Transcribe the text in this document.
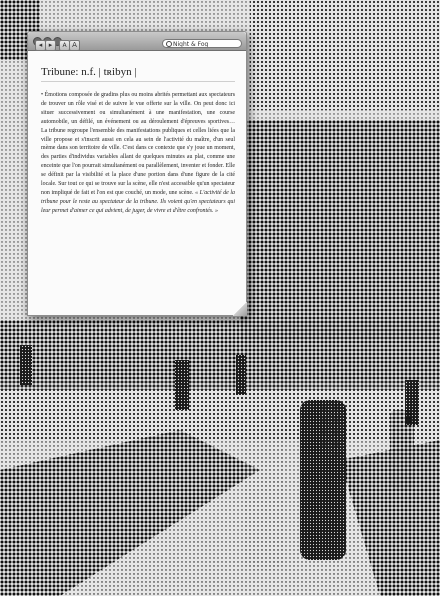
◂ ▸	A A	Night & Fog
Tribune: n.f. | tʀibyn |

• Émotions composée de gradins plus ou moins abrités permettant aux spectateurs de trouver un rôle visé et de suivre le vue offerte sur la ville. On peut donc ici situer successivement ou simultanément à une manifestation, une course automobile, un défilé, un événement ou au déroulement d'épreuves sportives… La tribune regroupe l'ensemble des manifestations publiques et celles liées que la ville propose et s'inscrit aussi en cela au sein de l'activité du maître, d'un seul mème dans son territoire de ville. C'est dans ce contexte que s'y joue un moment, des parties d'individus variables allant de quelques minutes au plat, comme une enceinte que l'on pourrait simultanément ou parallèlement, inventer et fonder. Elle se définit par la visibilité et la place d'une portion dans d'une figure de la cité locale. Sur tout ce qui se trouve sur la scène, elle n'est accessible qu'un spectateur non impliqué de fait et l'on est que couché, un mode, une scène. « L'activité de la tribune pour le reste au spectateur de la tribune. Ils voient qu'en spectateurs qui leur permet d'aimer ce qui advient, de juger, de vivre et d'être confrontés. »
